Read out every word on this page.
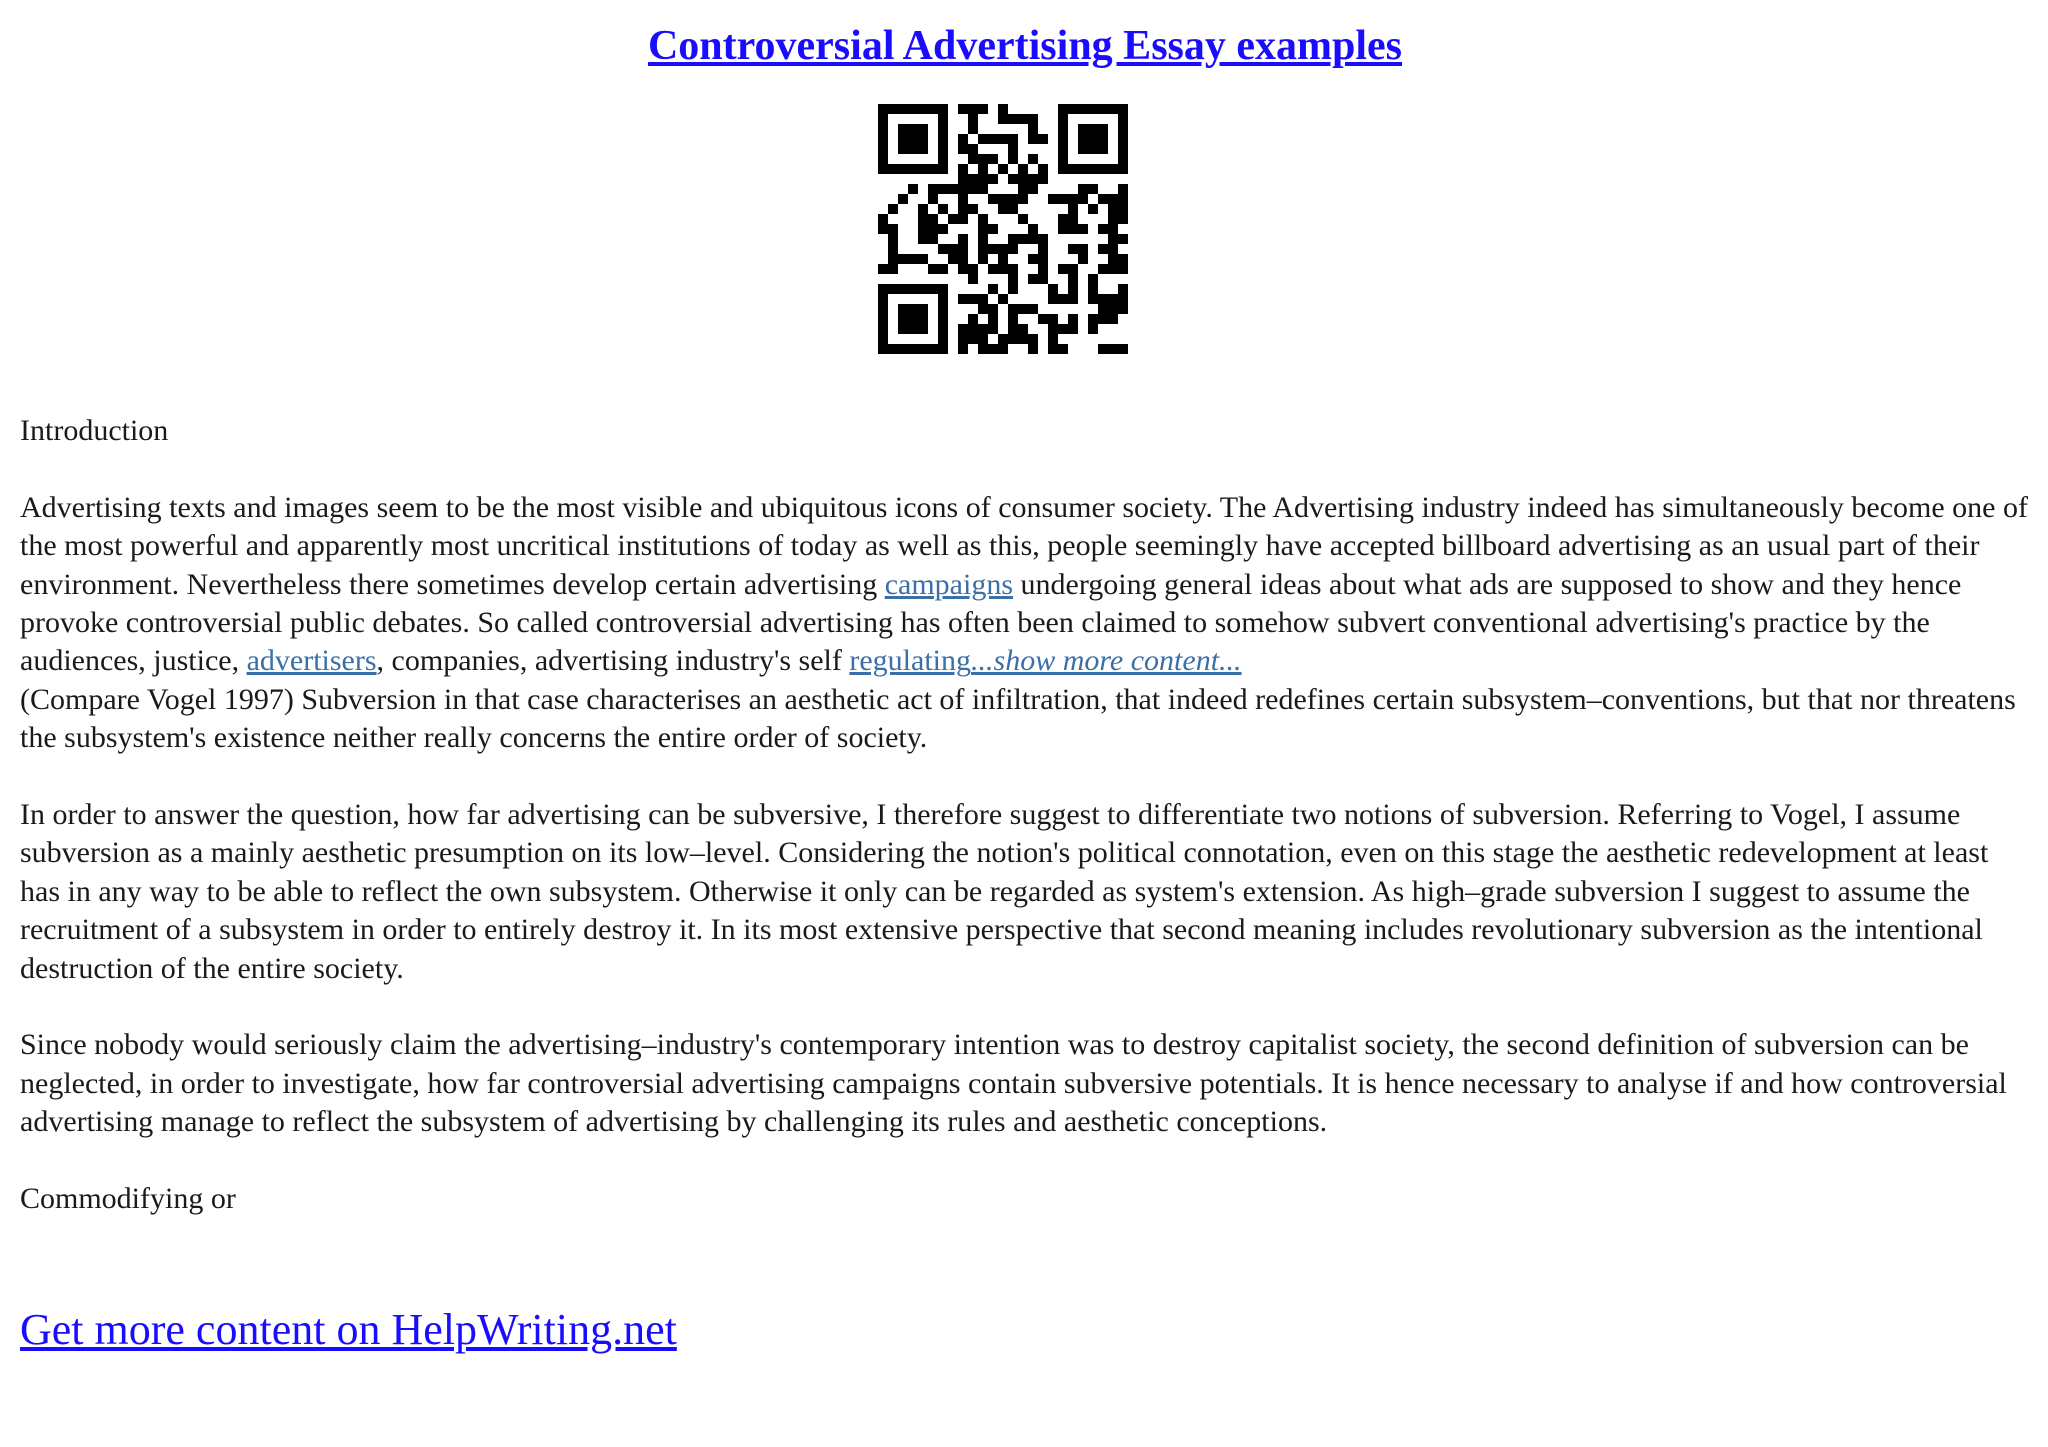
Controversial Advertising Essay examples

Introduction

Advertising texts and images seem to be the most visible and ubiquitous icons of consumer society. The Advertising industry indeed has simultaneously become one of the most powerful and apparently most uncritical institutions of today as well as this, people seemingly have accepted billboard advertising as an usual part of their environment. Nevertheless there sometimes develop certain advertising campaigns undergoing general ideas about what ads are supposed to show and they hence provoke controversial public debates. So called controversial advertising has often been claimed to somehow subvert conventional advertising's practice by the audiences, justice, advertisers, companies, advertising industry's self regulating...show more content...

(Compare Vogel 1997) Subversion in that case characterises an aesthetic act of infiltration, that indeed redefines certain subsystem–conventions, but that nor threatens the subsystem's existence neither really concerns the entire order of society.

In order to answer the question, how far advertising can be subversive, I therefore suggest to differentiate two notions of subversion. Referring to Vogel, I assume subversion as a mainly aesthetic presumption on its low–level. Considering the notion's political connotation, even on this stage the aesthetic redevelopment at least has in any way to be able to reflect the own subsystem. Otherwise it only can be regarded as system's extension. As high–grade subversion I suggest to assume the recruitment of a subsystem in order to entirely destroy it. In its most extensive perspective that second meaning includes revolutionary subversion as the intentional destruction of the entire society.

Since nobody would seriously claim the advertising–industry's contemporary intention was to destroy capitalist society, the second definition of subversion can be neglected, in order to investigate, how far controversial advertising campaigns contain subversive potentials. It is hence necessary to analyse if and how controversial advertising manage to reflect the subsystem of advertising by challenging its rules and aesthetic conceptions.

Commodifying or

Get more content on HelpWriting.net
